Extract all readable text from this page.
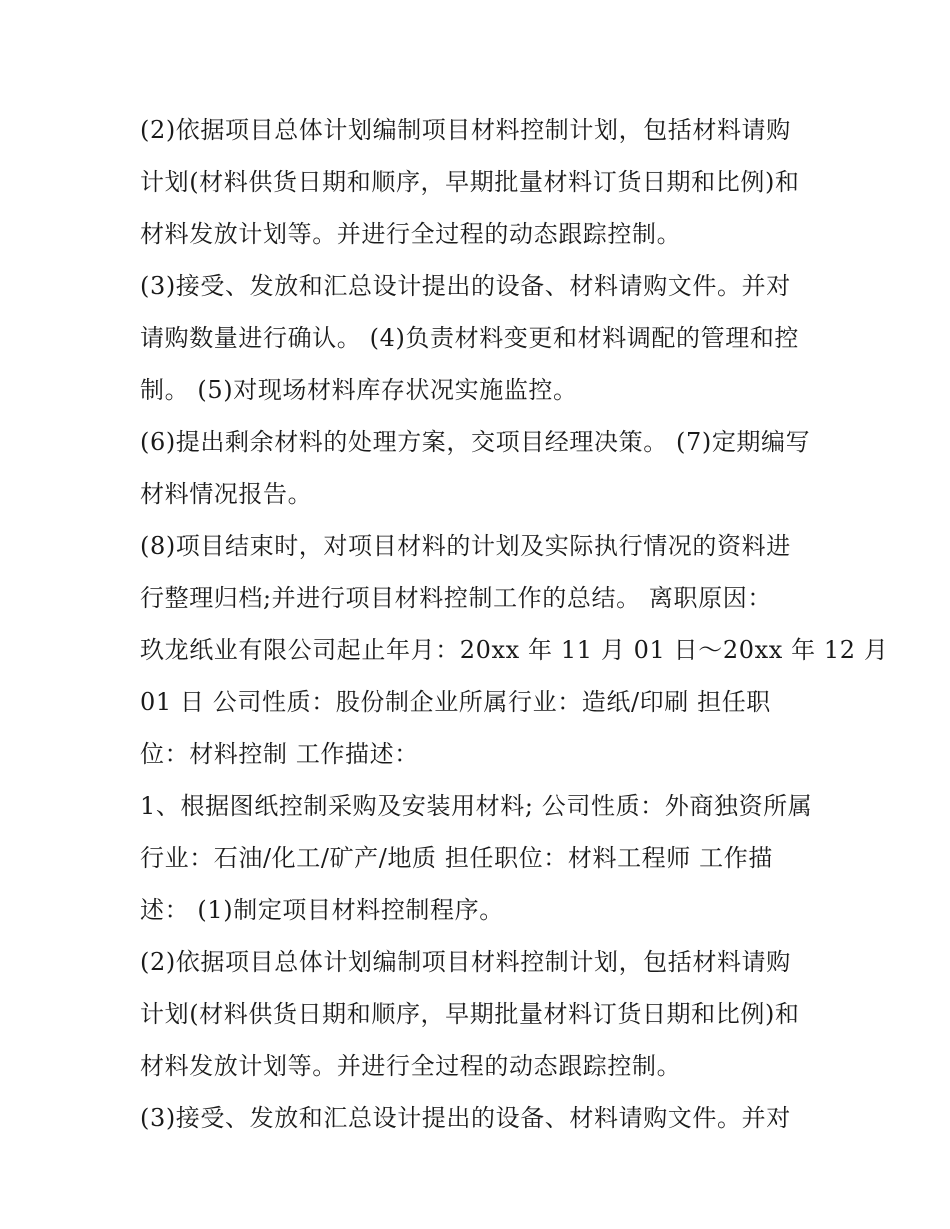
(2)依据项目总体计划编制项目材料控制计划，包括材料请购
计划(材料供货日期和顺序，早期批量材料订货日期和比例)和
材料发放计划等。并进行全过程的动态跟踪控制。
(3)接受、发放和汇总设计提出的设备、材料请购文件。并对
请购数量进行确认。 (4)负责材料变更和材料调配的管理和控
制。 (5)对现场材料库存状况实施监控。
(6)提出剩余材料的处理方案，交项目经理决策。 (7)定期编写
材料情况报告。
(8)项目结束时，对项目材料的计划及实际执行情况的资料进
行整理归档;并进行项目材料控制工作的总结。 离职原因：
玖龙纸业有限公司起止年月：20xx 年 11 月 01 日～20xx 年 12 月
01 日 公司性质：股份制企业所属行业：造纸/印刷 担任职
位：材料控制 工作描述：
1、根据图纸控制采购及安装用材料; 公司性质：外商独资所属
行业：石油/化工/矿产/地质 担任职位：材料工程师 工作描
述： (1)制定项目材料控制程序。
(2)依据项目总体计划编制项目材料控制计划，包括材料请购
计划(材料供货日期和顺序，早期批量材料订货日期和比例)和
材料发放计划等。并进行全过程的动态跟踪控制。
(3)接受、发放和汇总设计提出的设备、材料请购文件。并对
